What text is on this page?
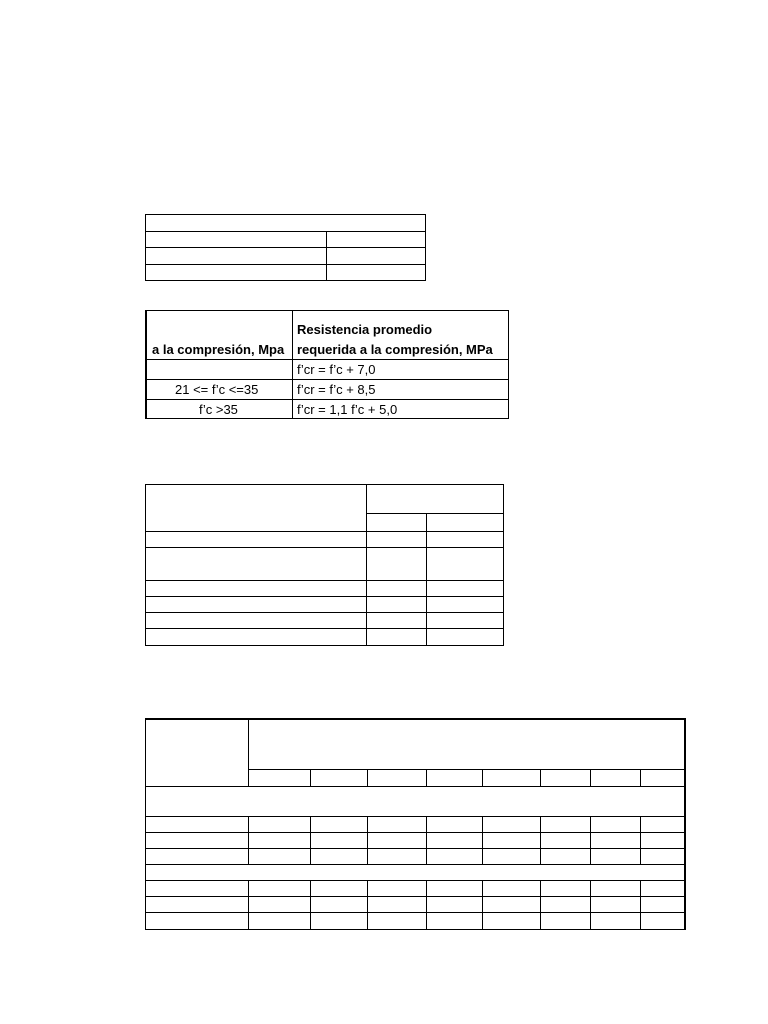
a la compresión, Mpa
Resistencia promedio
requerida a la compresión, MPa
f’cr = f’c + 7,0
21 <= f’c <=35	f’cr = f’c + 8,5
f’c >35	f’cr = 1,1 f’c + 5,0
